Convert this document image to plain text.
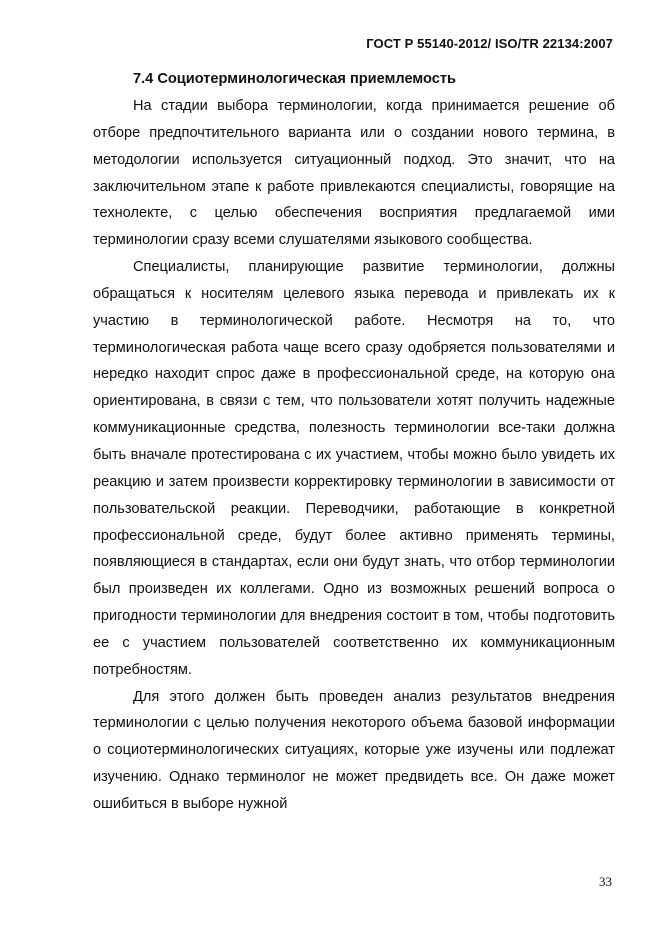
ГОСТ Р 55140-2012/ ISO/TR 22134:2007
7.4 Социотерминологическая приемлемость

На стадии выбора терминологии, когда принимается решение об отборе предпочтительного варианта или о создании нового термина, в методологии используется ситуационный подход. Это значит, что на заключительном этапе к работе привлекаются специалисты, говорящие на технолекте, с целью обеспечения восприятия предлагаемой ими терминологии сразу всеми слушателями языкового сообщества.

Специалисты, планирующие развитие терминологии, должны обращаться к носителям целевого языка перевода и привлекать их к участию в терминологической работе. Несмотря на то, что терминологическая работа чаще всего сразу одобряется пользователями и нередко находит спрос даже в профессиональной среде, на которую она ориентирована, в связи с тем, что пользователи хотят получить надежные коммуникационные средства, полезность терминологии все-таки должна быть вначале протестирована с их участием, чтобы можно было увидеть их реакцию и затем произвести корректировку терминологии в зависимости от пользовательской реакции. Переводчики, работающие в конкретной профессиональной среде, будут более активно применять термины, появляющиеся в стандартах, если они будут знать, что отбор терминологии был произведен их коллегами. Одно из возможных решений вопроса о пригодности терминологии для внедрения состоит в том, чтобы подготовить ее с участием пользователей соответственно их коммуникационным потребностям.

Для этого должен быть проведен анализ результатов внедрения терминологии с целью получения некоторого объема базовой информации о социотерминологических ситуациях, которые уже изучены или подлежат изучению. Однако терминолог не может предвидеть все. Он даже может ошибиться в выборе нужной

33
